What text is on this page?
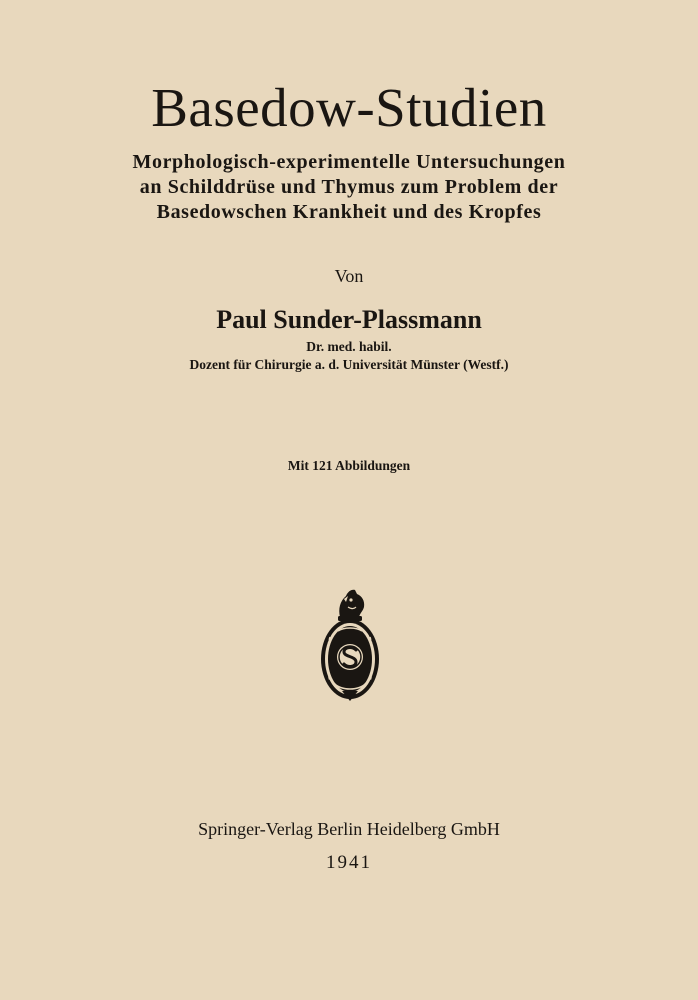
Basedow-Studien
Morphologisch-experimentelle Untersuchungen
an Schilddrüse und Thymus zum Problem der
Basedowschen Krankheit und des Kropfes
Von
Paul Sunder-Plassmann
Dr. med. habil.
Dozent für Chirurgie a. d. Universität Münster (Westf.)
Mit 121 Abbildungen
Springer-Verlag Berlin Heidelberg GmbH
1941
